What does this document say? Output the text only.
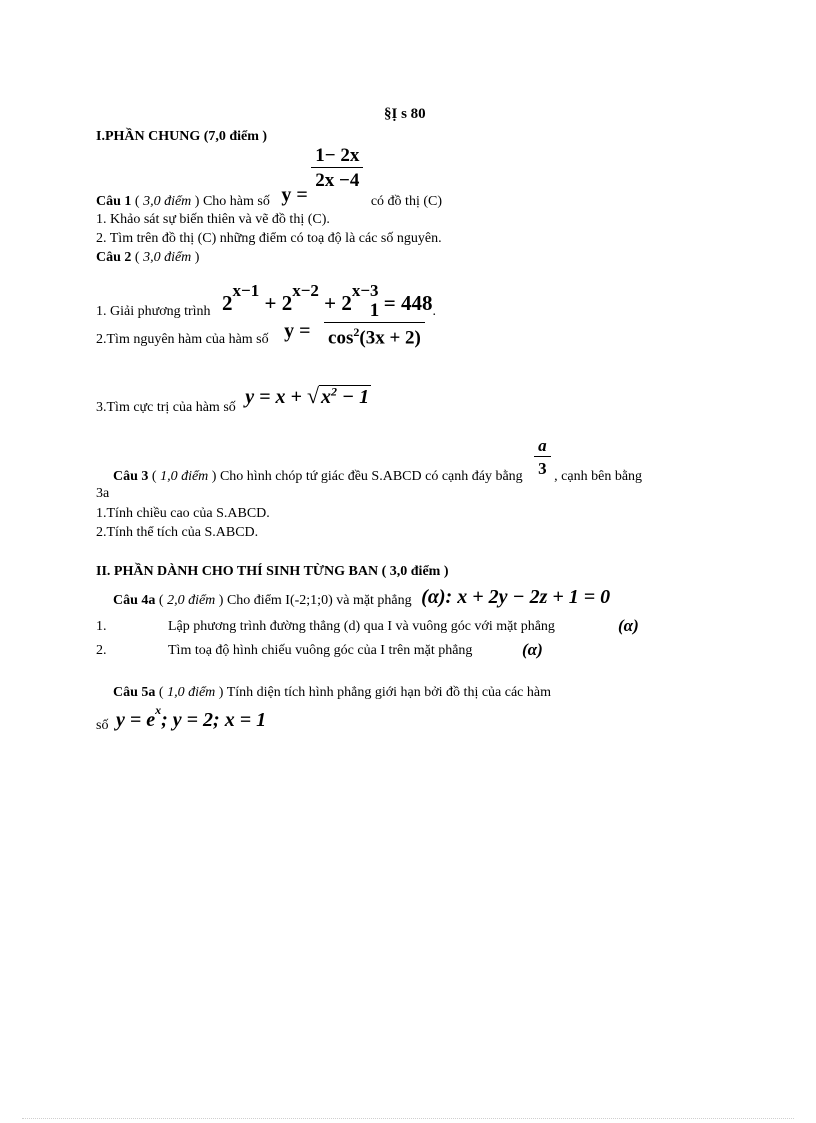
§Ị s 80
I.PHẦN CHUNG (7,0 điểm )
Câu 1 ( 3,0 điểm ) Cho hàm số y =
$\frac{1- 2x}{2x -4}$
có đồ thị (C)
1. Khảo sát sự biến thiên và vẽ đồ thị (C).
2. Tìm trên đồ thị (C) những điểm có toạ độ là các số nguyên.
Câu 2 ( 3,0 điểm )
1. Giải phương trình $2^{x-1} + 2^{x-2} + 2^{x-3} = 448$.
2.Tìm nguyên hàm của hàm số $y = \frac{1}{\cos^2(3x + 2)}$
3.Tìm cực trị của hàm số y = x + √ $x^2 - 1$
Câu 3 ( 1,0 điểm ) Cho hình chóp tứ giác đều S.ABCD có cạnh đáy bằng $\frac{a}{3}$ , cạnh bên bằng
3a
1.Tính chiều cao của S.ABCD.
2.Tính thể tích của S.ABCD.
II. PHẦN DÀNH CHO THÍ SINH TỪNG BAN ( 3,0 điểm )
Câu 4a ( 2,0 điểm ) Cho điểm I(-2;1;0) và mặt phẳng (α): x + 2y − 2z + 1 = 0
1.	Lập phương trình đường thẳng (d) qua I và vuông góc với mặt phẳng	(α)
2.	Tìm toạ độ hình chiếu vuông góc của I trên mặt phẳng	(α)
Câu 5a ( 1,0 điểm ) Tính diện tích hình phẳng giới hạn bởi đồ thị của các hàm
số $y = e^x$; y = 2; x = 1
